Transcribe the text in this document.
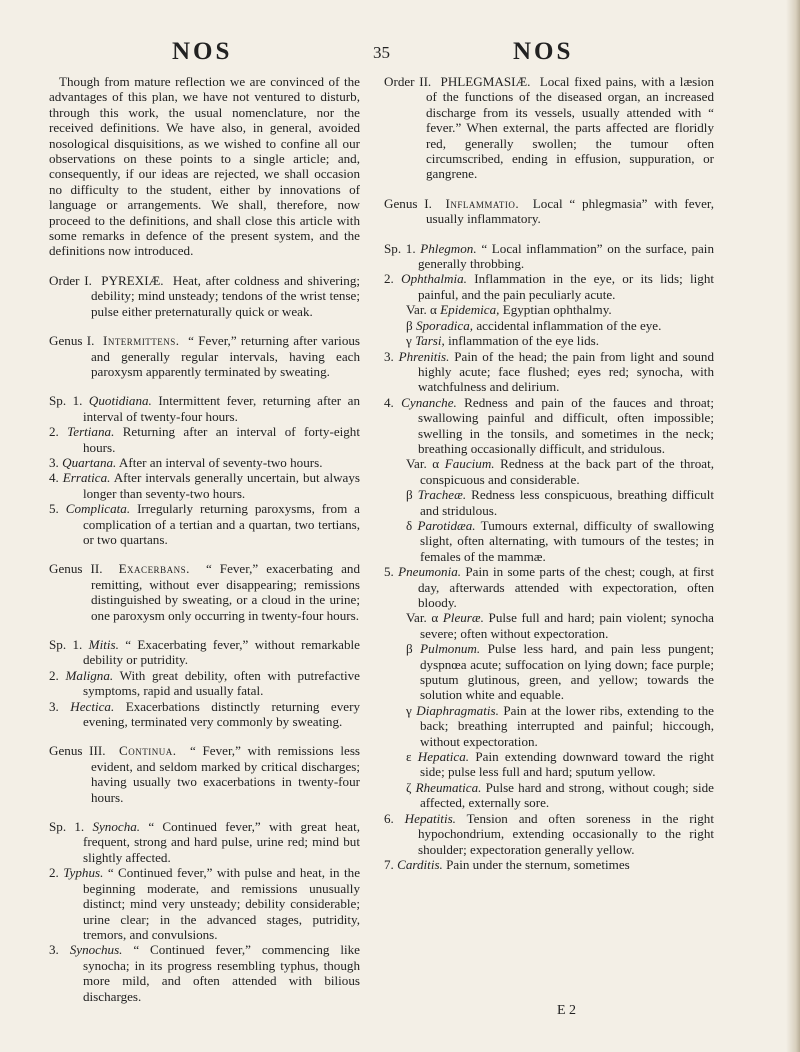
NOS	35	NOS

Though from mature reflection we are convinced of the advantages of this plan, we have not ventured to disturb, through this work, the usual nomenclature, nor the received definitions. We have also, in general, avoided nosological disquisitions, as we wished to confine all our observations on these points to a single article; and, consequently, if our ideas are rejected, we shall occasion no difficulty to the student, either by innovations of language or arrangements. We shall, therefore, now proceed to the definitions, and shall close this article with some remarks in defence of the present system, and the definitions now introduced.

Order I. PYREXIÆ. Heat, after coldness and shivering; debility; mind unsteady; tendons of the wrist tense; pulse either preternaturally quick or weak.

Genus I. Intermittens. “ Fever,” returning after various and generally regular intervals, having each paroxysm apparently terminated by sweating.

Sp. 1. Quotidiana. Intermittent fever, returning after an interval of twenty-four hours.

2. Tertiana. Returning after an interval of forty-eight hours.

3. Quartana. After an interval of seventy-two hours.

4. Erratica. After intervals generally uncertain, but always longer than seventy-two hours.

5. Complicata. Irregularly returning paroxysms, from a complication of a tertian and a quartan, two tertians, or two quartans.

Genus II. Exacerbans. “ Fever,” exacerbating and remitting, without ever disappearing; remissions distinguished by sweating, or a cloud in the urine; one paroxysm only occurring in twenty-four hours.

Sp. 1. Mitis. “ Exacerbating fever,” without remarkable debility or putridity.

2. Maligna. With great debility, often with putrefactive symptoms, rapid and usually fatal.

3. Hectica. Exacerbations distinctly returning every evening, terminated very commonly by sweating.

Genus III. Continua. “ Fever,” with remissions less evident, and seldom marked by critical discharges; having usually two exacerbations in twenty-four hours.

Sp. 1. Synocha. “ Continued fever,” with great heat, frequent, strong and hard pulse, urine red; mind but slightly affected.

2. Typhus. “ Continued fever,” with pulse and heat, in the beginning moderate, and remissions unusually distinct; mind very unsteady; debility considerable; urine clear; in the advanced stages, putridity, tremors, and convulsions.

3. Synochus. “ Continued fever,” commencing like synocha; in its progress resembling typhus, though more mild, and often attended with bilious discharges.

Order II. PHLEGMASIÆ. Local fixed pains, with a læsion of the functions of the diseased organ, an increased discharge from its vessels, usually attended with “ fever.” When external, the parts affected are floridly red, generally swollen; the tumour often circumscribed, ending in effusion, suppuration, or gangrene.

Genus I. Inflammatio. Local “ phlegmasia” with fever, usually inflammatory.

Sp. 1. Phlegmon. “ Local inflammation” on the surface, pain generally throbbing.

2. Ophthalmia. Inflammation in the eye, or its lids; light painful, and the pain peculiarly acute.

Var. α Epidemica, Egyptian ophthalmy.

β Sporadica, accidental inflammation of the eye.

γ Tarsi, inflammation of the eye lids.

3. Phrenitis. Pain of the head; the pain from light and sound highly acute; face flushed; eyes red; synocha, with watchfulness and delirium.

4. Cynanche. Redness and pain of the fauces and throat; swallowing painful and difficult, often impossible; swelling in the tonsils, and sometimes in the neck; breathing occasionally difficult, and stridulous.

Var. α Faucium. Redness at the back part of the throat, conspicuous and considerable.

β Tracheæ. Redness less conspicuous, breathing difficult and stridulous.

δ Parotidæa. Tumours external, difficulty of swallowing slight, often alternating, with tumours of the testes; in females of the mammæ.

5. Pneumonia. Pain in some parts of the chest; cough, at first day, afterwards attended with expectoration, often bloody.

Var. α Pleuræ. Pulse full and hard; pain violent; synocha severe; often without expectoration.

β Pulmonum. Pulse less hard, and pain less pungent; dyspnœa acute; suffocation on lying down; face purple; sputum glutinous, green, and yellow; towards the solution white and equable.

γ Diaphragmatis. Pain at the lower ribs, extending to the back; breathing interrupted and painful; hiccough, without expectoration.

ε Hepatica. Pain extending downward toward the right side; pulse less full and hard; sputum yellow.

ζ Rheumatica. Pulse hard and strong, without cough; side affected, externally sore.

6. Hepatitis. Tension and often soreness in the right hypochondrium, extending occasionally to the right shoulder; expectoration generally yellow.

7. Carditis. Pain under the sternum, sometimes

E 2
